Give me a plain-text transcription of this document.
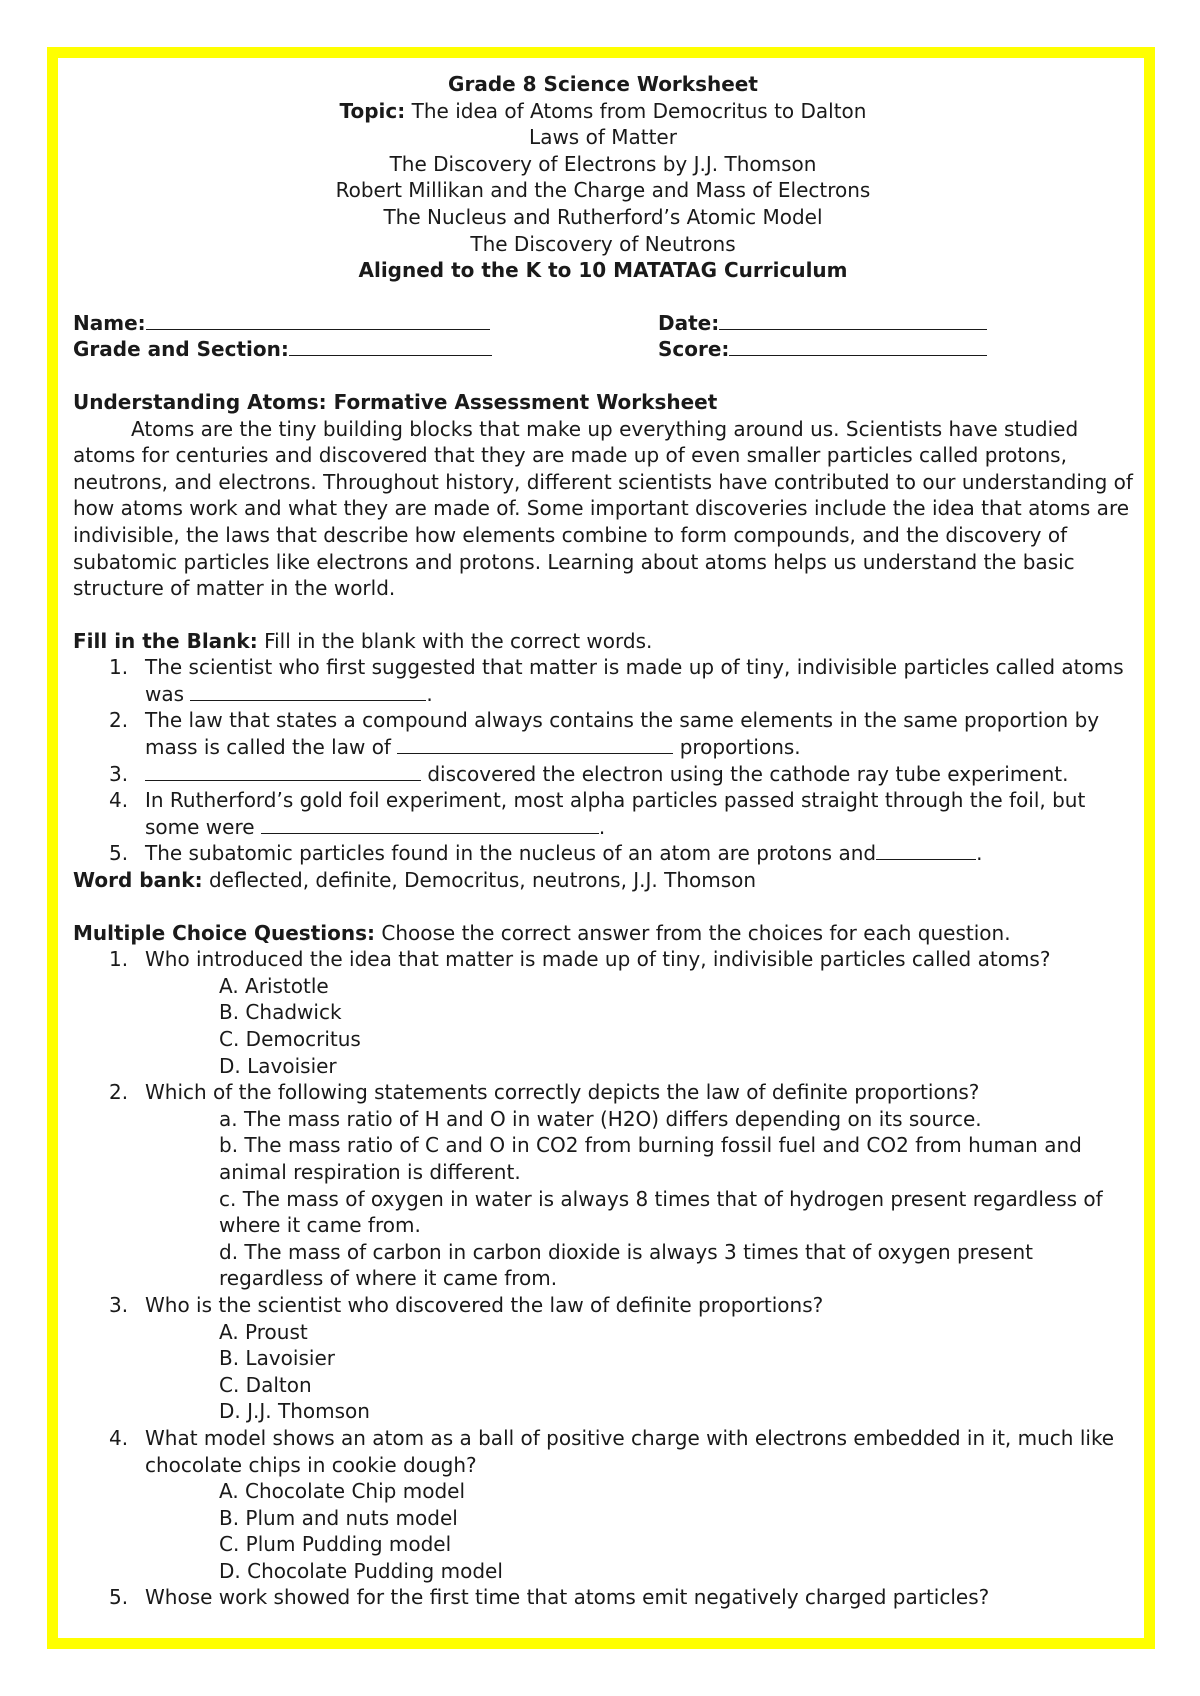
Grade 8 Science Worksheet
Topic: The idea of Atoms from Democritus to Dalton
Laws of Matter
The Discovery of Electrons by J.J. Thomson
Robert Millikan and the Charge and Mass of Electrons
The Nucleus and Rutherford’s Atomic Model
The Discovery of Neutrons
Aligned to the K to 10 MATATAG Curriculum
Name:	Date:
Grade and Section:	Score:
Understanding Atoms: Formative Assessment Worksheet

Atoms are the tiny building blocks that make up everything around us. Scientists have studied atoms for centuries and discovered that they are made up of even smaller particles called protons, neutrons, and electrons. Throughout history, different scientists have contributed to our understanding of how atoms work and what they are made of. Some important discoveries include the idea that atoms are indivisible, the laws that describe how elements combine to form compounds, and the discovery of subatomic particles like electrons and protons. Learning about atoms helps us understand the basic structure of matter in the world.

Fill in the Blank: Fill in the blank with the correct words.
1. The scientist who first suggested that matter is made up of tiny, indivisible particles called atoms was	.
2. The law that states a compound always contains the same elements in the same proportion by mass is called the law of	proportions.
3.	discovered the electron using the cathode ray tube experiment.
4. In Rutherford’s gold foil experiment, most alpha particles passed straight through the foil, but some were	.
5. The subatomic particles found in the nucleus of an atom are protons and	.
Word bank: deflected, definite, Democritus, neutrons, J.J. Thomson
Multiple Choice Questions: Choose the correct answer from the choices for each question.
1. Who introduced the idea that matter is made up of tiny, indivisible particles called atoms?
A. Aristotle
B. Chadwick
C. Democritus
D. Lavoisier
2. Which of the following statements correctly depicts the law of definite proportions?
a. The mass ratio of H and O in water (H2O) differs depending on its source.
b. The mass ratio of C and O in CO2 from burning fossil fuel and CO2 from human and animal respiration is different.
c. The mass of oxygen in water is always 8 times that of hydrogen present regardless of where it came from.
d. The mass of carbon in carbon dioxide is always 3 times that of oxygen present regardless of where it came from.
3. Who is the scientist who discovered the law of definite proportions?
A. Proust
B. Lavoisier
C. Dalton
D. J.J. Thomson
4. What model shows an atom as a ball of positive charge with electrons embedded in it, much like chocolate chips in cookie dough?
A. Chocolate Chip model
B. Plum and nuts model
C. Plum Pudding model
D. Chocolate Pudding model
5. Whose work showed for the first time that atoms emit negatively charged particles?
